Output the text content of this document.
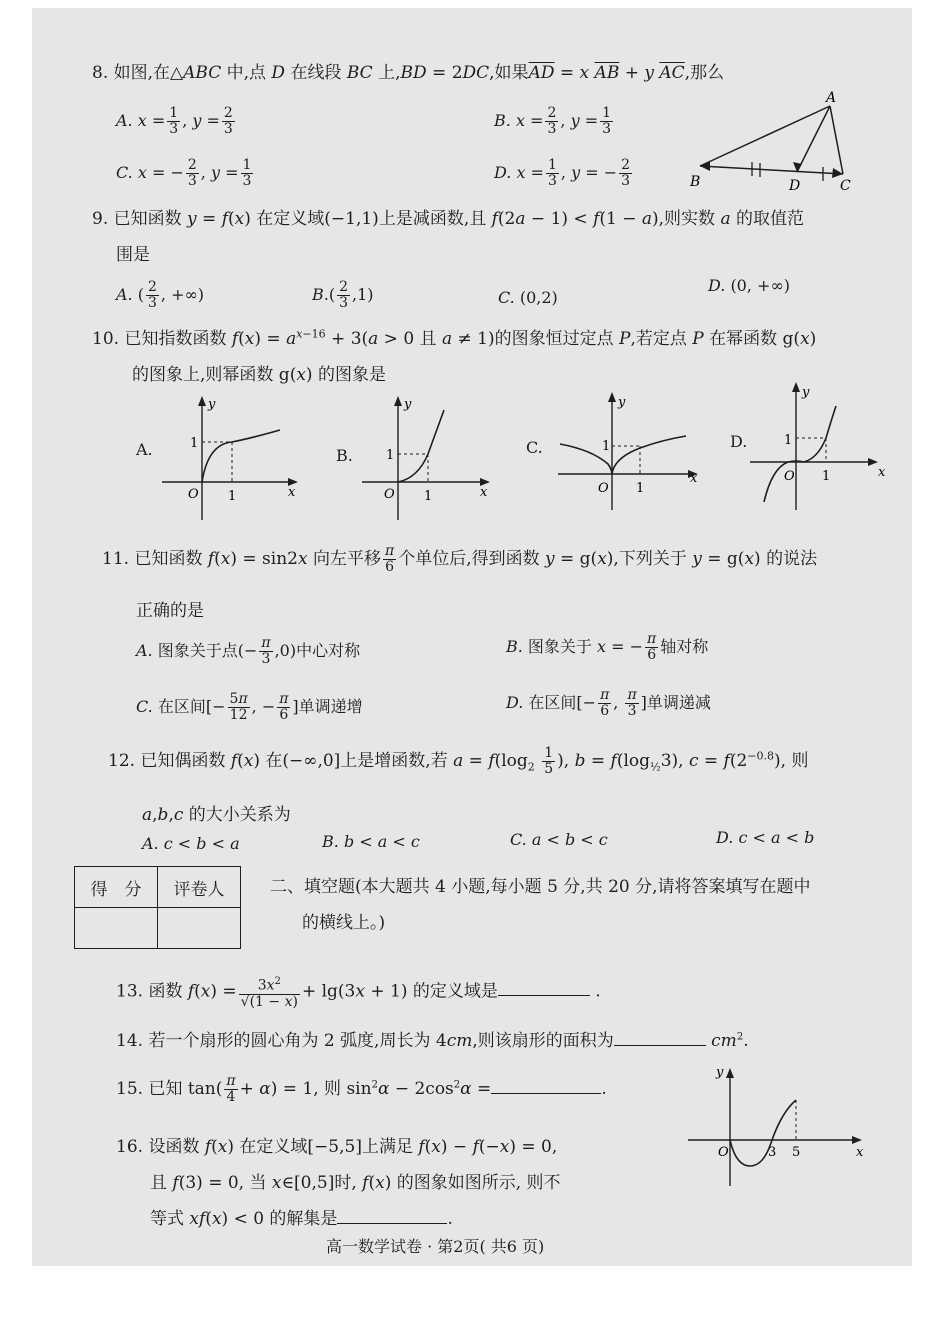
8. 如图,在△ABC 中,点 D 在线段 BC 上,BD = 2DC,如果$\overline{AD} = x$ $\overline{AB} + y$ $\overline{AC}$,那么
A. $x = \frac{1}{3}$ , $y = \frac{2}{3}$	B. $x = \frac{2}{3}$ , $y = \frac{1}{3}$
C. x = − $\frac{2}{3}$ , $y = \frac{1}{3}$	D. $x = \frac{1}{3}$ , y = − $\frac{2}{3}$
A
B	D	C
9. 已知函数 y = f(x) 在定义域(−1,1)上是减函数,且 f(2a − 1) < f(1 − a),则实数 a 的取值范
围是
A. ( $\frac{2}{3}$ , +∞)	$B.( \frac{2}{3} ,1)$	C. (0,2)
D. (0, +∞)
10. 已知指数函数 $f(x) = a^{x-16} + 3(a > 0$ 且 a ≠ 1)的图象恒过定点 P,若定点 P 在幂函数 g(x)
的图象上,则幂函数 g(x) 的图象是
A.
y
x
1
1
O
B.
y
x
1
1
O
C.
y
x
1
1
O
D.
y
x
1
1
O
11. 已知函数 f(x) = sin2x 向左平移 $\frac{\pi}{6}$ 个单位后,得到函数 y = g(x),下列关于 y = g(x) 的说法
正确的是
A. 图象关于点(− $\frac{\pi}{3} ,0$)中心对称	B. 图象关于 x = − $\frac{\pi}{6}$ 轴对称
C. 在区间[− $\frac{5\pi}{12}$ , − $\frac{\pi}{6}$ ]单调递增	D. 在区间[− $\frac{\pi}{6}$ , $\frac{\pi}{3}$ ]单调递减
12. 已知偶函数 f(x) 在(−∞,0]上是增函数,若 $a = f(\log_2 \frac{1}{5}$ ), $b = f(\log_{\frac{1}{2}}3)$, $c = f(2^{-0.8})$, 则
a,b,c 的大小关系为
A. c < b < a	B. b < a < c	C. a < b < c	D. c < a < b
得　分	评卷人
		二、填空题(本大题共 4 小题,每小题 5 分,共 20 分,请将答案填写在题中
的横线上。)
13. 函数 $f(x) = \frac{3x^2}{√(1 - x)} + \lg(3x + 1)$ 的定义域是	.
14. 若一个扇形的圆心角为 2 弧度,周长为 4cm,则该扇形的面积为	$cm^2$.
15. 已知 $\tan( \frac{\pi}{4} + \alpha) = 1$, 则 $\sin^2\alpha - 2\cos^2\alpha$ =	.
16. 设函数 f(x) 在定义域[−5,5]上满足 f(x) − f(−x) = 0,
且 f(3) = 0, 当 x∈[0,5]时, f(x) 的图象如图所示, 则不
等式 xf(x) < 0 的解集是	.
y
x
O	3 5
高一数学试卷 · 第2页( 共6 页)
